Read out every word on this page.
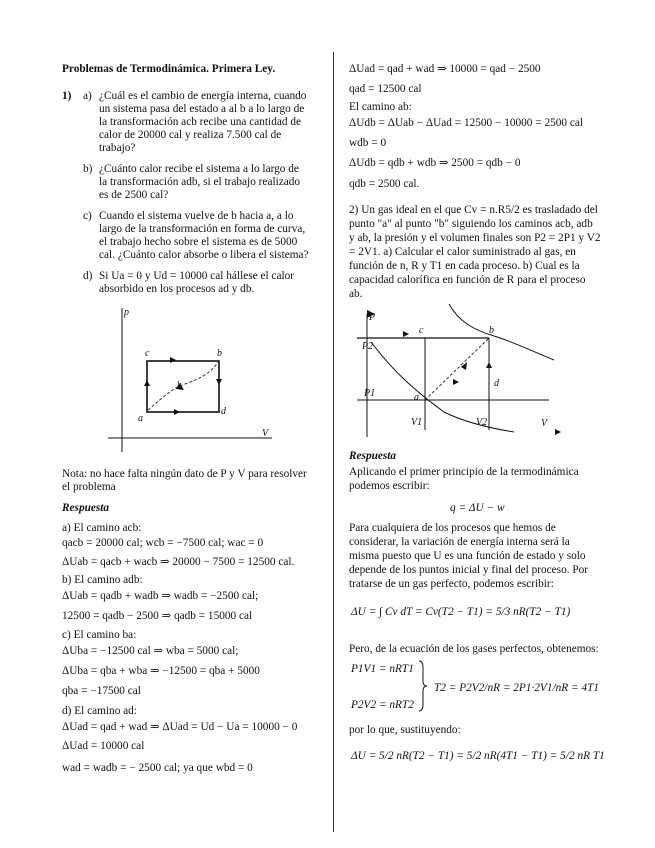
Problemas de Termodinámica. Primera Ley.
1) a) ¿Cuál es el cambio de energía interna, cuando
un sistema pasa del estado a al b a lo largo de
la transformación acb recibe una cantidad de
calor de 20000 cal y realiza 7.500 cal de
trabajo?
b) ¿Cuánto calor recibe el sistema a lo largo de
la transformación adb, si el trabajo realizado
es de 2500 cal?
c) Cuando el sistema vuelve de b hacia a, a lo
largo de la transformación en forma de curva,
el trabajo hecho sobre el sistema es de 5000
cal. ¿Cuánto calor absorbe o libera el sistema?
d) Si Ua = 0 y Ud = 10000 cal hállese el calor
absorbido en los procesos ad y db.
p
V
c	b
a
d
k
Nota: no hace falta ningún dato de P y V para resolver
el problema
Respuesta
a) El camino acb:
qacb = 20000 cal; wcb = −7500 cal; wac = 0
ΔUab = qacb + wacb ⇒ 20000 − 7500 = 12500 cal.
b) El camino adb:
ΔUab = qadb + wadb ⇒ wadb = −2500 cal;
12500 = qadb − 2500 ⇒ qadb = 15000 cal
c) El camino ba:
ΔUba = −12500 cal ⇒ wba = 5000 cal;
ΔUba = qba + wba ⇒ −12500 = qba + 5000
qba = −17500 cal
d) El camino ad:
ΔUad = qad + wad ⇒ ΔUad = Ud − Ua = 10000 − 0
ΔUad = 10000 cal
wad = wadb = − 2500 cal; ya que wbd = 0
ΔUad = qad + wad ⇒ 10000 = qad − 2500
qad = 12500 cal
El camino ab:
ΔUdb = ΔUab − ΔUad = 12500 − 10000 = 2500 cal
wdb = 0
ΔUdb = qdb + wdb ⇒ 2500 = qdb − 0
qdb = 2500 cal.
2) Un gas ideal en el que Cv = n.R5/2 es trasladado del
punto "a" al punto "b" siguiendo los caminos acb, adb
y ab, la presión y el volumen finales son P2 = 2P1 y V2
= 2V1. a) Calcular el calor suministrado al gas, en
función de n, R y T1 en cada proceso. b) Cual es la
capacidad calorífica en función de R para el proceso
ab.
P
c	b
P2
P1	a
d
V1	V2	V
Respuesta
Aplicando el primer principio de la termodinámica
podemos escribir:
q = ΔU − w
Para cualquiera de los procesos que hemos de
considerar, la variación de energía interna será la
misma puesto que U es una función de estado y solo
depende de los puntos inicial y final del proceso. Por
tratarse de un gas perfecto, podemos escribir:
ΔU = ∫ Cv dT = Cv(T2 − T1) = 5/3 nR(T2 − T1)
Pero, de la ecuación de los gases perfectos, obtenemos:
P1V1 = nRT1
P2V2 = nRT2
T2 = P2V2/nR = 2P1·2V1/nR = 4T1
por lo que, sustituyendo:
ΔU = 5/2 nR(T2 − T1) = 5/2 nR(4T1 − T1) = 5/2 nR T1
